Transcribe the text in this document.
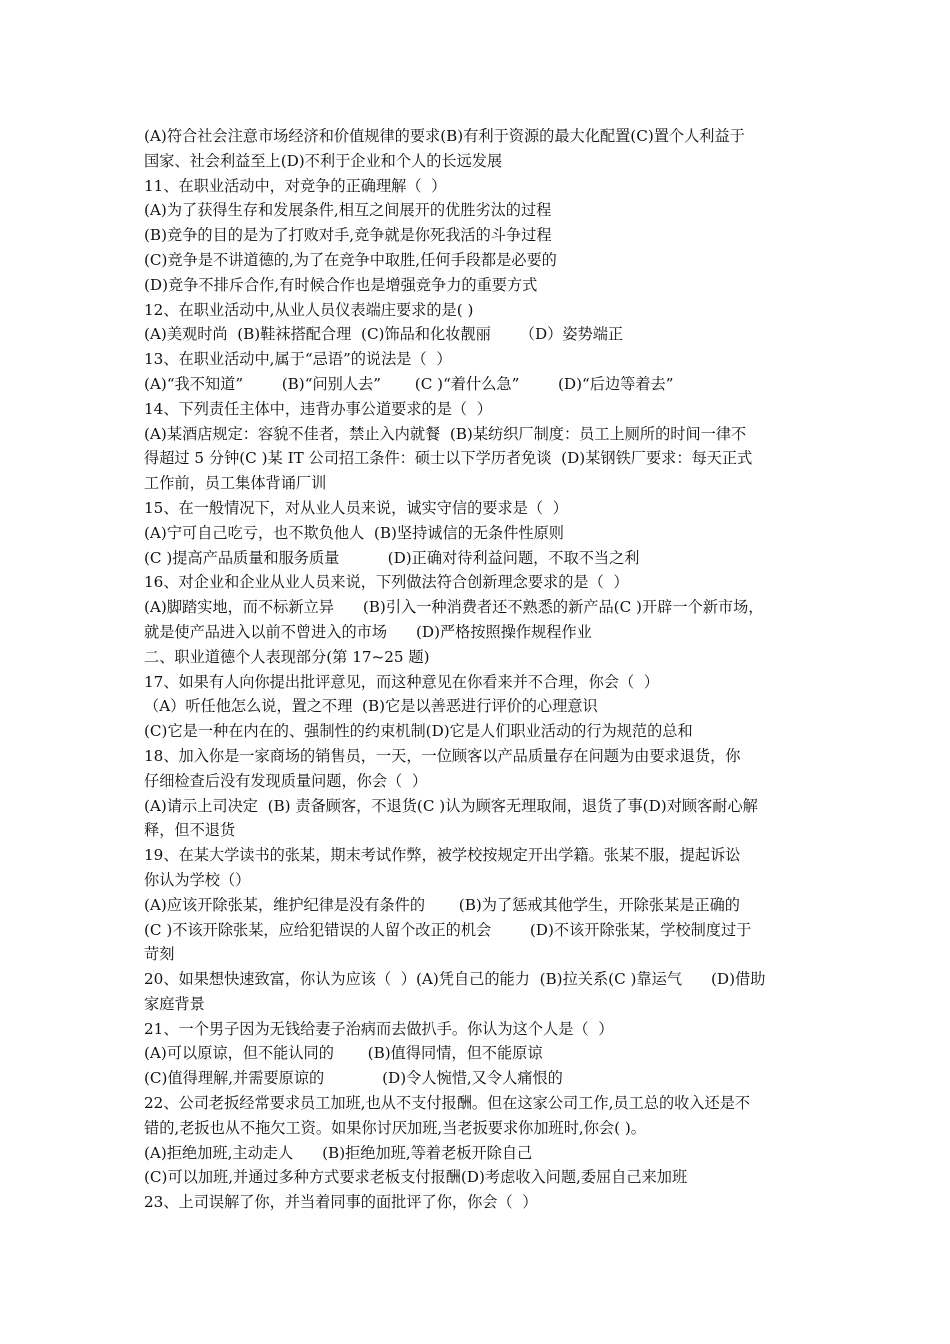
(A)符合社会注意市场经济和价值规律的要求(B)有利于资源的最大化配置(C)置个人利益于
国家、社会利益至上(D)不利于企业和个人的长远发展
11、在职业活动中，对竞争的正确理解（  ）
(A)为了获得生存和发展条件,相互之间展开的优胜劣汰的过程
(B)竞争的目的是为了打败对手,竞争就是你死我活的斗争过程
(C)竞争是不讲道德的,为了在竞争中取胜,任何手段都是必要的
(D)竞争不排斥合作,有时候合作也是增强竞争力的重要方式
12、在职业活动中,从业人员仪表端庄要求的是( )
(A)美观时尚  (B)鞋袜搭配合理  (C)饰品和化妆靓丽      （D）姿势端正
13、在职业活动中,属于“忌语”的说法是（  ）
(A)“我不知道”        (B)“问别人去”       (C )“着什么急”        (D)“后边等着去”
14、下列责任主体中，违背办事公道要求的是（  ）
(A)某酒店规定：容貌不佳者，禁止入内就餐  (B)某纺织厂制度：员工上厕所的时间一律不
得超过 5 分钟(C )某 IT 公司招工条件：硕士以下学历者免谈  (D)某钢铁厂要求：每天正式
工作前，员工集体背诵厂训
15、在一般情况下，对从业人员来说，诚实守信的要求是（  ）
(A)宁可自己吃亏，也不欺负他人  (B)坚持诚信的无条件性原则
(C )提高产品质量和服务质量          (D)正确对待利益问题，不取不当之利
16、对企业和企业从业人员来说，下列做法符合创新理念要求的是（  ）
(A)脚踏实地，而不标新立异      (B)引入一种消费者还不熟悉的新产品(C )开辟一个新市场，
就是使产品进入以前不曾进入的市场      (D)严格按照操作规程作业
二、职业道德个人表现部分(第 17~25 题)
17、如果有人向你提出批评意见，而这种意见在你看来并不合理，你会（  ）
（A）听任他怎么说，置之不理  (B)它是以善恶进行评价的心理意识
(C)它是一种在内在的、强制性的约束机制(D)它是人们职业活动的行为规范的总和
18、加入你是一家商场的销售员，一天，一位顾客以产品质量存在问题为由要求退货，你
仔细检查后没有发现质量问题，你会（  ）
(A)请示上司决定  (B) 责备顾客，不退货(C )认为顾客无理取闹，退货了事(D)对顾客耐心解
释，但不退货
19、在某大学读书的张某，期末考试作弊，被学校按规定开出学籍。张某不服，提起诉讼
你认为学校（）
(A)应该开除张某，维护纪律是没有条件的       (B)为了惩戒其他学生，开除张某是正确的
(C )不该开除张某，应给犯错误的人留个改正的机会        (D)不该开除张某，学校制度过于
苛刻
20、如果想快速致富，你认为应该（  ）(A)凭自己的能力  (B)拉关系(C )靠运气      (D)借助
家庭背景
21、一个男子因为无钱给妻子治病而去做扒手。你认为这个人是（  ）
(A)可以原谅，但不能认同的       (B)值得同情，但不能原谅
(C)值得理解,并需要原谅的            (D)令人惋惜,又令人痛恨的
22、公司老扳经常要求员工加班,也从不支付报酬。但在这家公司工作,员工总的收入还是不
错的,老扳也从不拖欠工资。如果你讨厌加班,当老扳要求你加班时,你会( )。
(A)拒绝加班,主动走人      (B)拒绝加班,等着老板开除自己
(C)可以加班,并通过多种方式要求老板支付报酬(D)考虑收入问题,委屈自己来加班
23、上司误解了你，并当着同事的面批评了你，你会（  ）
